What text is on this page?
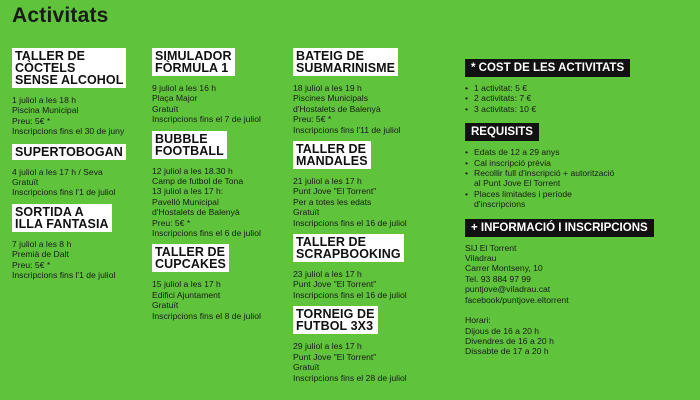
Activitats
TALLER DE
CÒCTELS
SENSE ALCOHOL
1 juliol a les 18 h
Piscina Municipal
Preu: 5€ *
Inscripcions fins el 30 de juny
SUPERTOBOGAN
4 juliol a les 17 h / Seva
Gratuït
Inscripcions fins l'1 de juliol
SORTIDA A
ILLA FANTASIA
7 juliol a les 8 h
Premià de Dalt
Preu: 5€ *
Inscripcions fins l'1 de juliol
SIMULADOR
FÒRMULA 1
9 juliol a les 16 h
Plaça Major
Gratuït
Inscripcions fins el 7 de juliol
BUBBLE
FOOTBALL
12 juliol a les 18.30 h
Camp de futbol de Tona
13 juliol a les 17 h:
Pavelló Municipal
d'Hostalets de Balenyà
Preu: 5€ *
Inscripcions fins el 6 de juliol
TALLER DE
CUPCAKES
15 juliol a les 17 h
Edifici Ajuntament
Gratuït
Inscripcions fins el 8 de juliol
BATEIG DE
SUBMARINISME
18 juliol a les 19 h
Piscines Municipals
d'Hostalets de Balenyà
Preu: 5€ *
Inscripcions fins l'11 de juliol
TALLER DE
MANDALES
21 juliol a les 17 h
Punt Jove "El Torrent"
Per a totes les edats
Gratuït
Inscripcions fins el 16 de juliol
TALLER DE
SCRAPBOOKING
23 juliol a les 17 h
Punt Jove "El Torrent"
Inscripcions fins el 16 de juliol
TORNEIG DE
FUTBOL 3X3
29 juliol a les 17 h
Punt Jove "El Torrent"
Gratuït
Inscripcions fins el 28 de juliol
* COST DE LES ACTIVITATS
• 1 activitat: 5 €
• 2 activitats: 7 €
• 3 activitats: 10 €
REQUISITS
• Edats de 12 a 29 anys
• Cal inscripció prèvia
• Recollir full d'inscripció + autorització
al Punt Jove El Torrent
• Places limitades i període
d'inscripcions
+ INFORMACIÓ I INSCRIPCIONS
SIJ El Torrent
Viladrau
Carrer Montseny, 10
Tel. 93 884 97 99
puntjove@viladrau.cat
facebook/puntjove.eltorrent
Horari:
Dijous de 16 a 20 h
Divendres de 16 a 20 h
Dissabte de 17 a 20 h
